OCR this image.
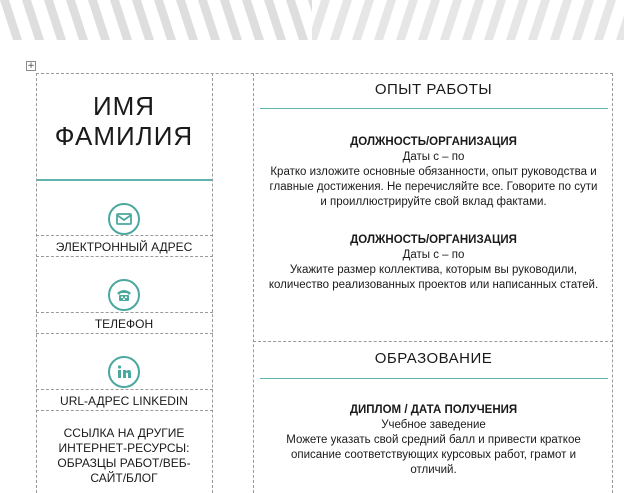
+
ИМЯ
ФАМИЛИЯ
ЭЛЕКТРОННЫЙ АДРЕС
ТЕЛЕФОН
URL-АДРЕС LINKEDIN
ССЫЛКА НА ДРУГИЕ
ИНТЕРНЕТ-РЕСУРСЫ:
ОБРАЗЦЫ РАБОТ/ВЕБ-
САЙТ/БЛОГ
ОПЫТ РАБОТЫ
ДОЛЖНОСТЬ/ОРГАНИЗАЦИЯ
Даты с – по
Кратко изложите основные обязанности, опыт руководства и
главные достижения. Не перечисляйте все. Говорите по сути
и проиллюстрируйте свой вклад фактами.
ДОЛЖНОСТЬ/ОРГАНИЗАЦИЯ
Даты с – по
Укажите размер коллектива, которым вы руководили,
количество реализованных проектов или написанных статей.
ОБРАЗОВАНИЕ
ДИПЛОМ / ДАТА ПОЛУЧЕНИЯ
Учебное заведение
Можете указать свой средний балл и привести краткое
описание соответствующих курсовых работ, грамот и
отличий.
